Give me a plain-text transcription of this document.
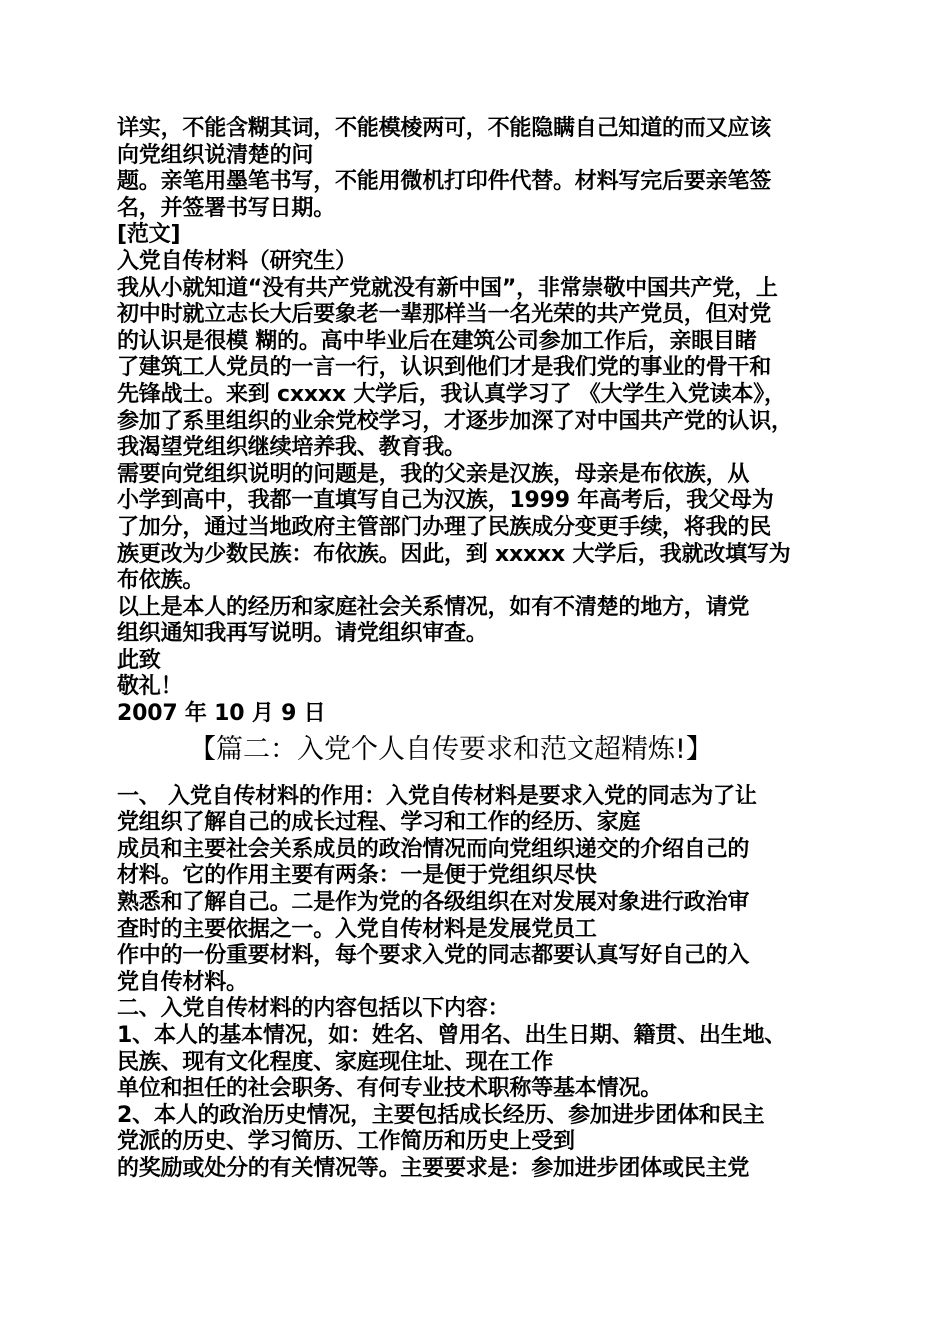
详实，不能含糊其词，不能模棱两可，不能隐瞒自己知道的而又应该
向党组织说清楚的问
题。亲笔用墨笔书写，不能用微机打印件代替。材料写完后要亲笔签
名，并签署书写日期。
[范文]
入党自传材料（研究生）
我从小就知道“没有共产党就没有新中国”，非常崇敬中国共产党，上
初中时就立志长大后要象老一辈那样当一名光荣的共产党员，但对党
的认识是很模 糊的。高中毕业后在建筑公司参加工作后，亲眼目睹
了建筑工人党员的一言一行，认识到他们才是我们党的事业的骨干和
先锋战士。来到 cxxxx 大学后，我认真学习了 《大学生入党读本》，
参加了系里组织的业余党校学习，才逐步加深了对中国共产党的认识，
我渴望党组织继续培养我、教育我。
需要向党组织说明的问题是，我的父亲是汉族，母亲是布依族，从
小学到高中，我都一直填写自己为汉族，1999 年高考后，我父母为
了加分，通过当地政府主管部门办理了民族成分变更手续，将我的民
族更改为少数民族：布依族。因此，到 xxxxx 大学后，我就改填写为
布依族。
以上是本人的经历和家庭社会关系情况，如有不清楚的地方，请党
组织通知我再写说明。请党组织审查。
此致
敬礼！
2007 年 10 月 9 日
【篇二：入党个人自传要求和范文超精炼!】
一、 入党自传材料的作用：入党自传材料是要求入党的同志为了让
党组织了解自己的成长过程、学习和工作的经历、家庭
成员和主要社会关系成员的政治情况而向党组织递交的介绍自己的
材料。它的作用主要有两条：一是便于党组织尽快
熟悉和了解自己。二是作为党的各级组织在对发展对象进行政治审
查时的主要依据之一。入党自传材料是发展党员工
作中的一份重要材料，每个要求入党的同志都要认真写好自己的入
党自传材料。
二、入党自传材料的内容包括以下内容：
1、本人的基本情况，如：姓名、曾用名、出生日期、籍贯、出生地、
民族、现有文化程度、家庭现住址、现在工作
单位和担任的社会职务、有何专业技术职称等基本情况。
2、本人的政治历史情况，主要包括成长经历、参加进步团体和民主
党派的历史、学习简历、工作简历和历史上受到
的奖励或处分的有关情况等。主要要求是：参加进步团体或民主党
